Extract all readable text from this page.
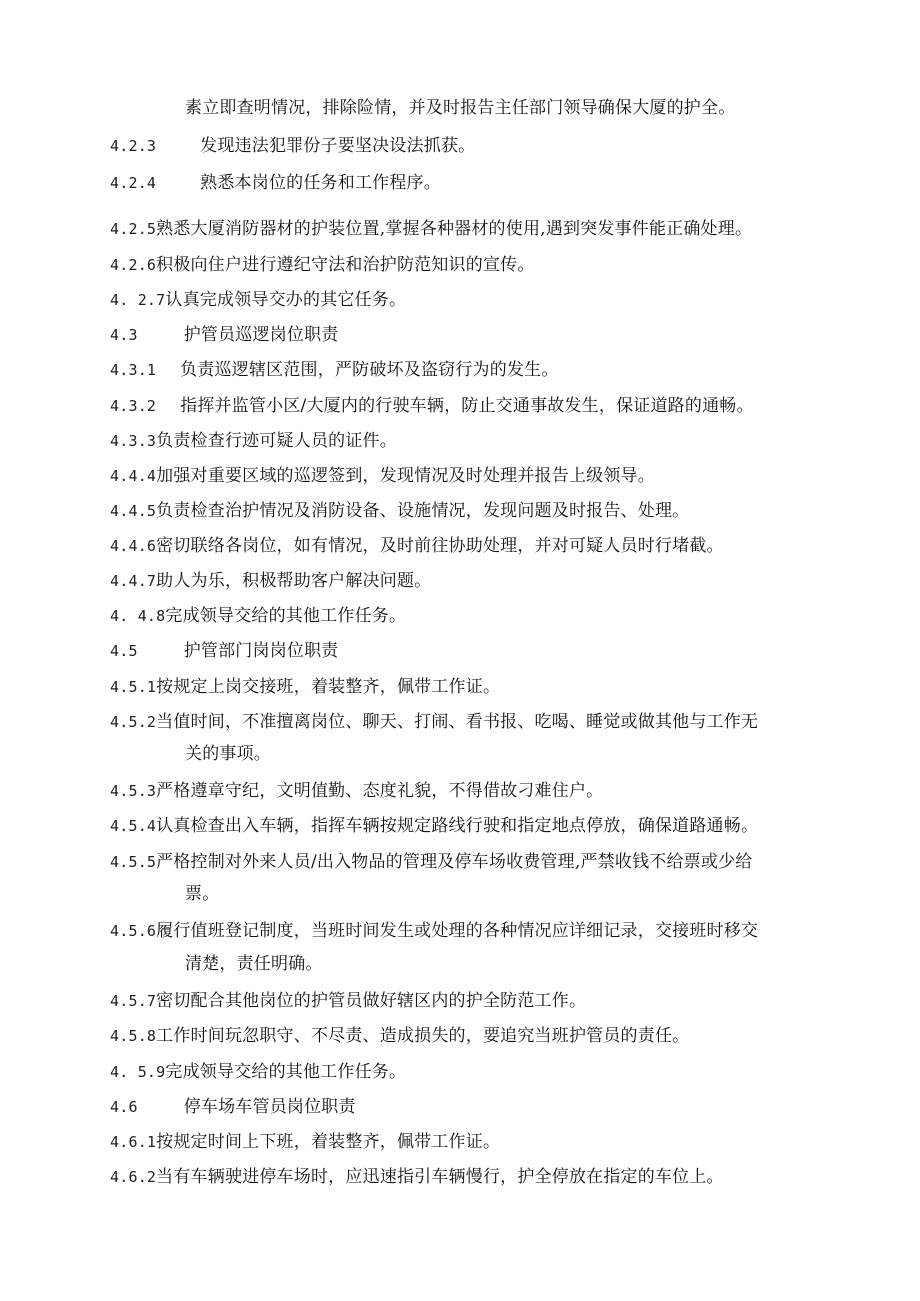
素立即查明情况，排除险情，并及时报告主任部门领导确保大厦的护全。
4.2.3	发现违法犯罪份子要坚决设法抓获。
4.2.4	熟悉本岗位的任务和工作程序。
4.2.5熟悉大厦消防器材的护装位置,掌握各种器材的使用,遇到突发事件能正确处理。
4.2.6积极向住户进行遵纪守法和治护防范知识的宣传。
4. 2.7认真完成领导交办的其它任务。
4.3	护管员巡逻岗位职责
4.3.1 负责巡逻辖区范围，严防破坏及盗窃行为的发生。
4.3.2 指挥并监管小区/大厦内的行驶车辆，防止交通事故发生，保证道路的通畅。
4.3.3负责检查行迹可疑人员的证件。
4.4.4加强对重要区域的巡逻签到，发现情况及时处理并报告上级领导。
4.4.5负责检查治护情况及消防设备、设施情况，发现问题及时报告、处理。
4.4.6密切联络各岗位，如有情况，及时前往协助处理，并对可疑人员时行堵截。
4.4.7助人为乐，积极帮助客户解决问题。
4. 4.8完成领导交给的其他工作任务。
4.5	护管部门岗岗位职责
4.5.1按规定上岗交接班，着装整齐，佩带工作证。
4.5.2当值时间，不准擅离岗位、聊天、打闹、看书报、吃喝、睡觉或做其他与工作无
关的事项。
4.5.3严格遵章守纪，文明值勤、态度礼貌，不得借故刁难住户。
4.5.4认真检查出入车辆，指挥车辆按规定路线行驶和指定地点停放，确保道路通畅。
4.5.5严格控制对外来人员/出入物品的管理及停车场收费管理,严禁收钱不给票或少给
票。
4.5.6履行值班登记制度，当班时间发生或处理的各种情况应详细记录，交接班时移交
清楚，责任明确。
4.5.7密切配合其他岗位的护管员做好辖区内的护全防范工作。
4.5.8工作时间玩忽职守、不尽责、造成损失的，要追究当班护管员的责任。
4. 5.9完成领导交给的其他工作任务。
4.6	停车场车管员岗位职责
4.6.1按规定时间上下班，着装整齐，佩带工作证。
4.6.2当有车辆驶进停车场时，应迅速指引车辆慢行，护全停放在指定的车位上。
